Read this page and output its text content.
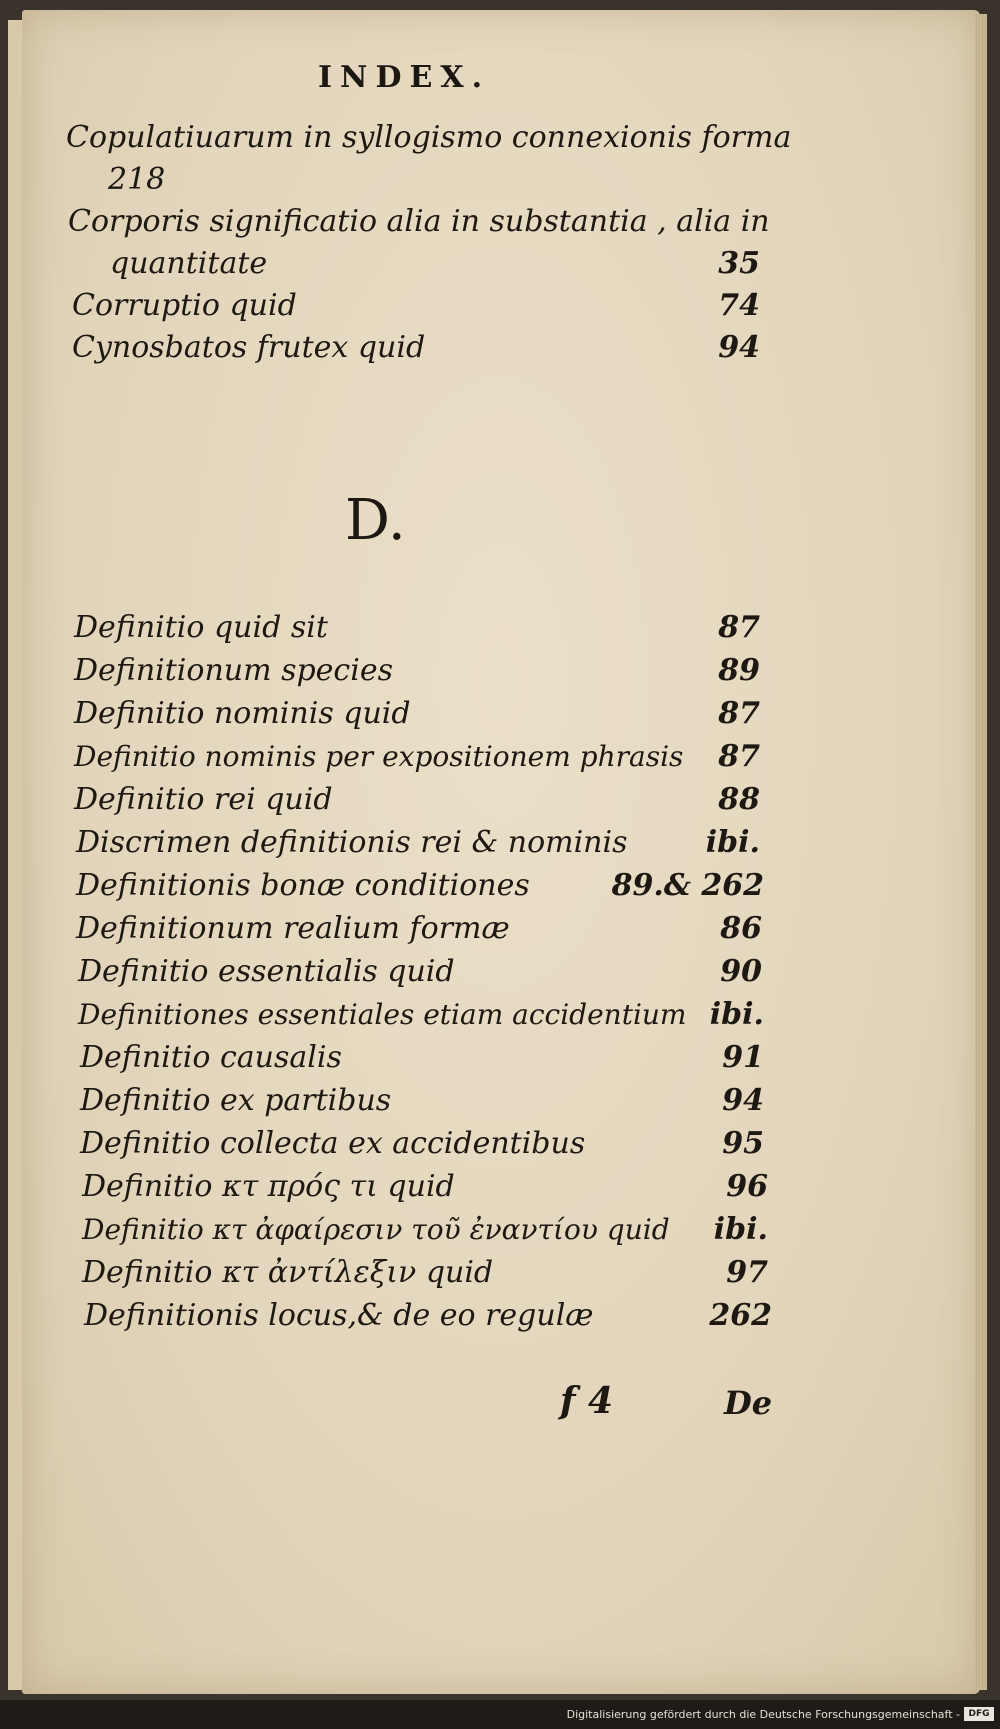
INDEX.
Copulatiuarum in syllogismo connexionis forma
218
Corporis significatio alia in substantia , alia in
quantitate	35
Corruptio quid	74
Cynosbatos frutex quid	94
D.
Definitio quid sit	87
Definitionum species	89
Definitio nominis quid	87
Definitio nominis per expositionem phrasis 87
Definitio rei quid	88
Discrimen definitionis rei & nominis	ibi.
Definitionis bonæ conditiones	89.& 262
Definitionum realium formæ	86
Definitio essentialis quid	90
Definitiones essentiales etiam accidentium ibi.
Definitio causalis	91
Definitio ex partibus	94
Definitio collecta ex accidentibus	95
Definitio κτ πρός τι quid	96
Definitio κτ ἀφαίρεσιν τοῦ ἐναντίου quid ibi.
Definitio κτ ἀντίλεξιν quid	97
Definitionis locus,& de eo regulæ	262
f 4	De
Digitalisierung gefördert durch die Deutsche Forschungsgemeinschaft - DFG
